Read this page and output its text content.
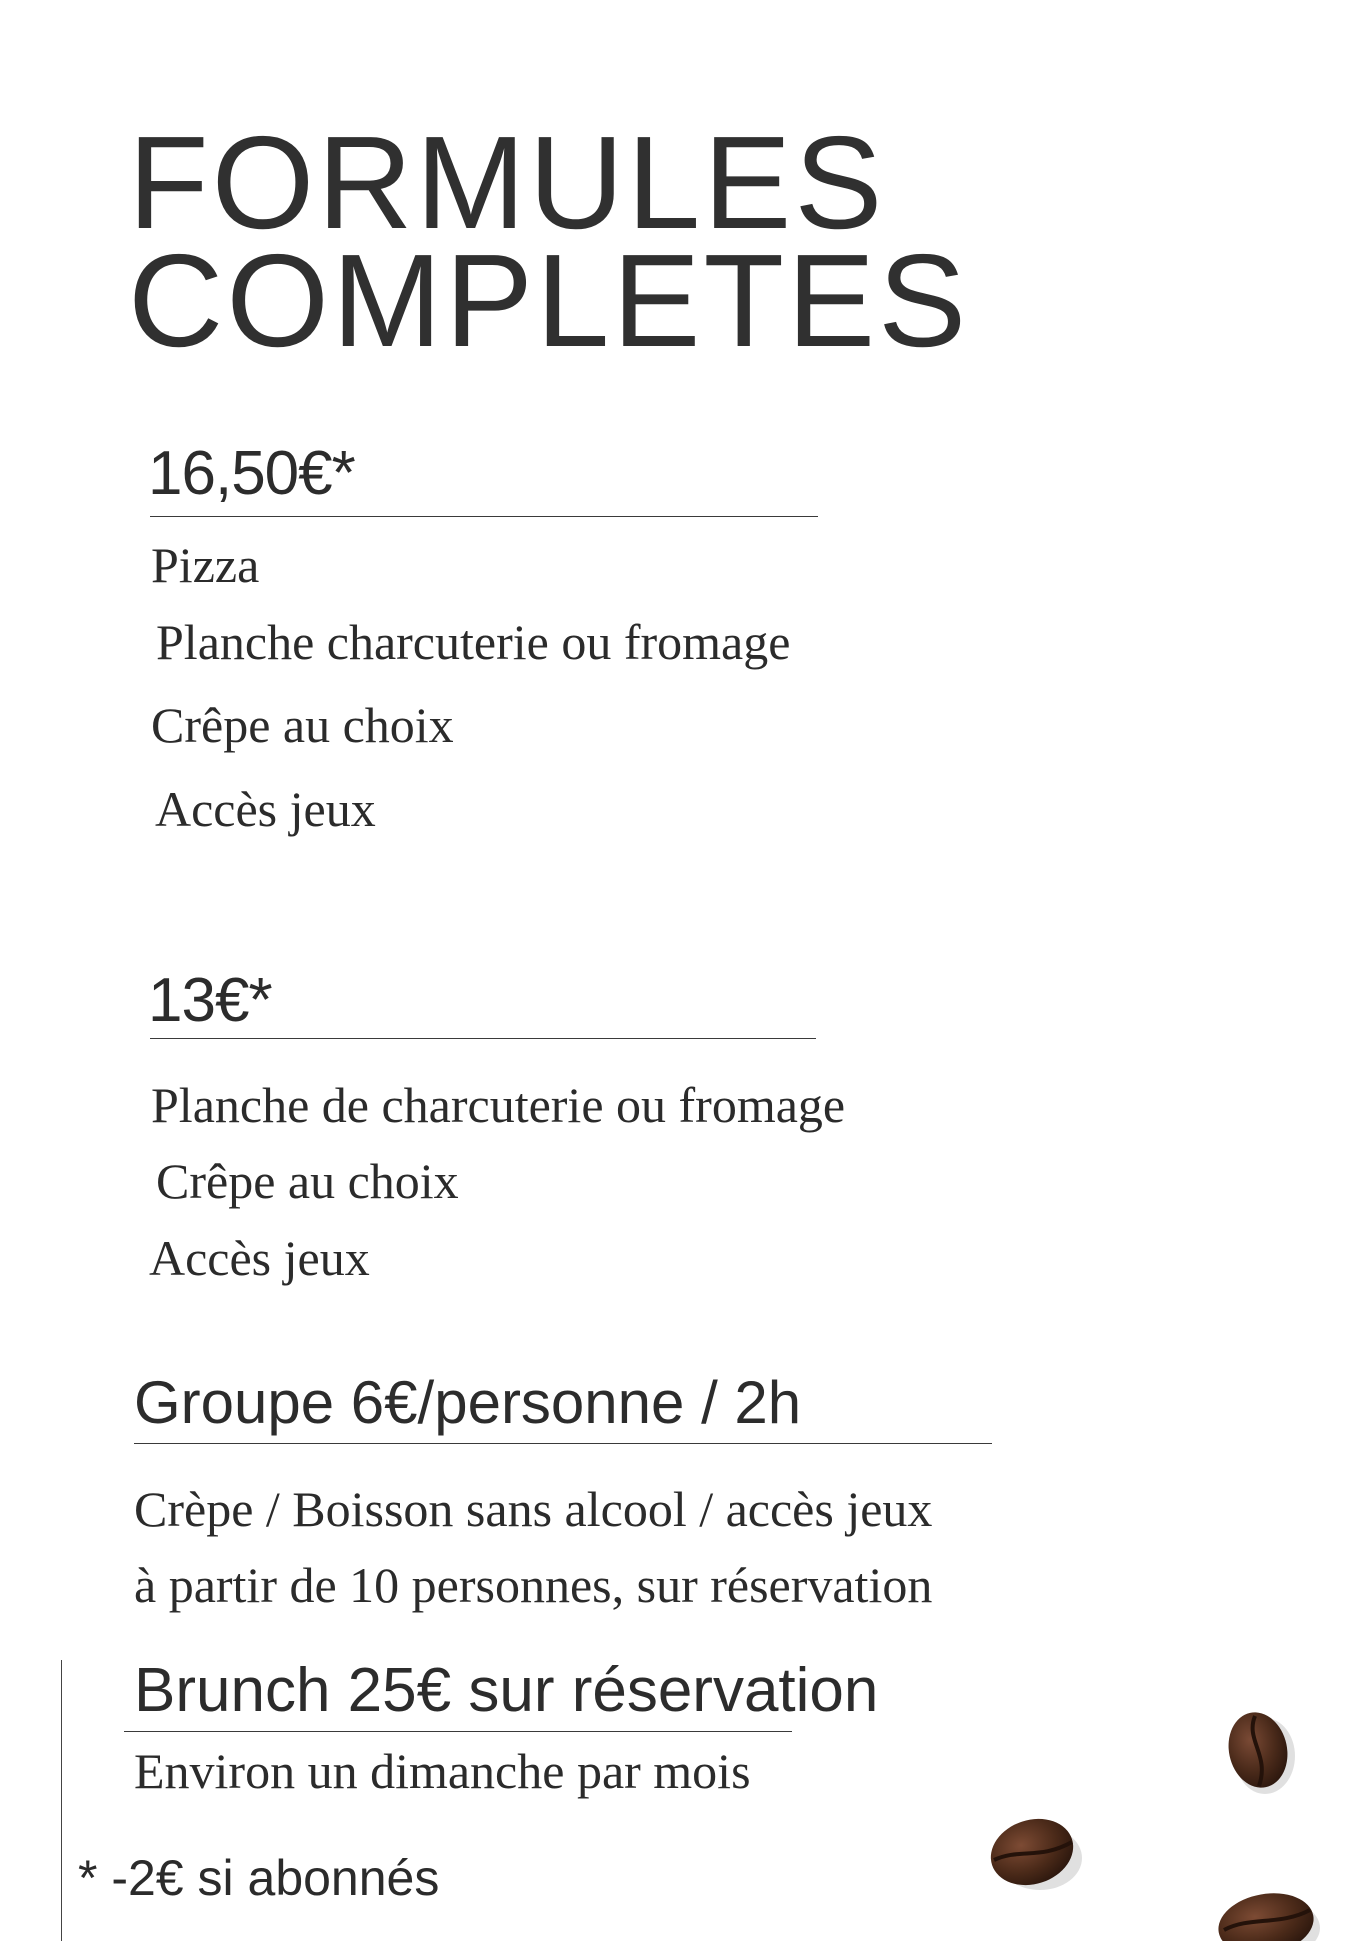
FORMULES
COMPLETES
16,50€*
Pizza
Planche charcuterie ou fromage
Crêpe au choix
Accès jeux
13€*
Planche de charcuterie ou fromage
Crêpe au choix
Accès jeux
Groupe 6€/personne / 2h
Crèpe / Boisson sans alcool / accès jeux
à partir de 10 personnes, sur réservation
Brunch 25€ sur réservation
Environ un dimanche par mois
* -2€ si abonnés
